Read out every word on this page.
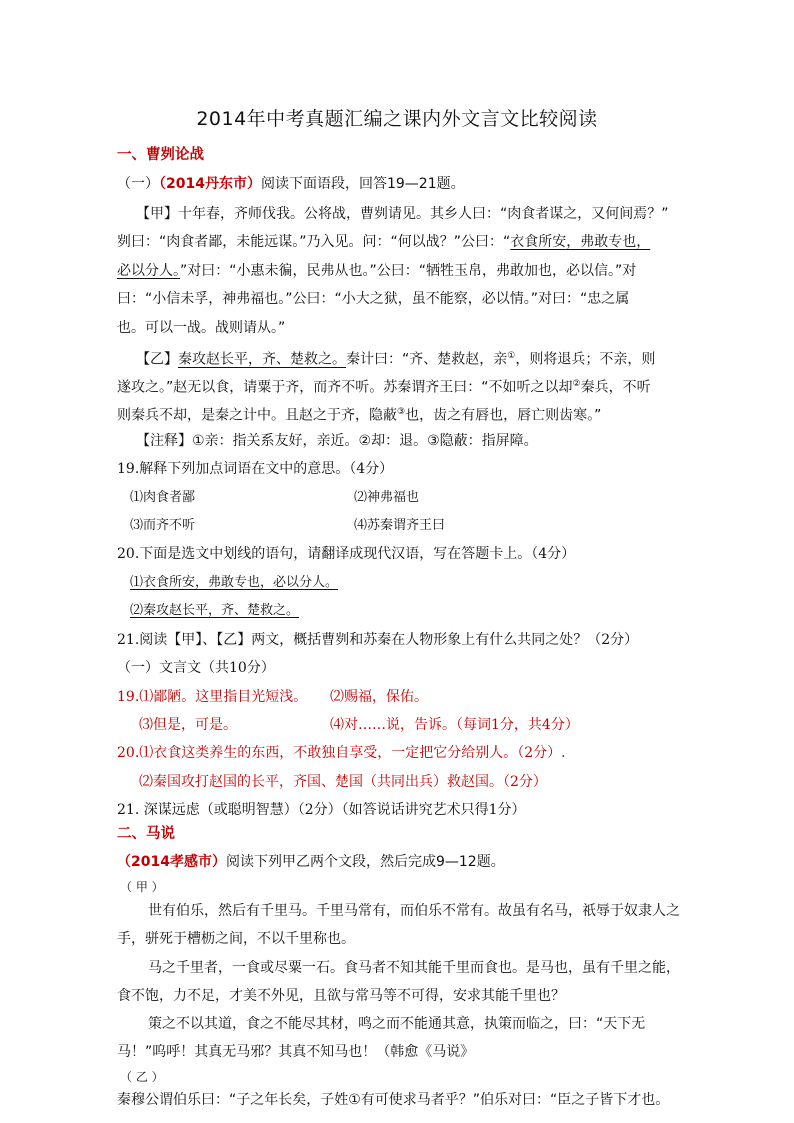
2014年中考真题汇编之课内外文言文比较阅读
一、曹刿论战
（一）（2014丹东市）阅读下面语段，回答19—21题。
【甲】十年春，齐师伐我。公将战，曹刿请见。其乡人曰：“肉食者谋之，又何间焉？”
刿曰：“肉食者鄙，未能远谋。”乃入见。问：“何以战？”公曰：“衣食所安，弗敢专也，
必以分人。”对曰：“小惠未徧，民弗从也。”公曰：“牺牲玉帛，弗敢加也，必以信。”对
曰：“小信未孚，神弗福也。”公曰：“小大之狱，虽不能察，必以情。”对曰：“忠之属
也。可以一战。战则请从。”
【乙】秦攻赵长平，齐、楚救之。秦计曰：“齐、楚救赵，亲①，则将退兵；不亲，则
遂攻之。”赵无以食，请粟于齐，而齐不听。苏秦谓齐王曰：“不如听之以却②秦兵，不听
则秦兵不却，是秦之计中。且赵之于齐，隐蔽③也，齿之有唇也，唇亡则齿寒。”
【注释】①亲：指关系友好，亲近。②却：退。③隐蔽：指屏障。
19.解释下列加点词语在文中的意思。（4分）
⑴肉食者鄙	⑵神弗福也
⑶而齐不听	⑷苏秦谓齐王曰
20.下面是选文中划线的语句，请翻译成现代汉语，写在答题卡上。（4分）
⑴衣食所安，弗敢专也，必以分人。
⑵秦攻赵长平，齐、楚救之。
21.阅读【甲】、【乙】两文，概括曹刿和苏秦在人物形象上有什么共同之处？（2分）
（一）文言文（共10分）
19.⑴鄙陋。这里指目光短浅。 ⑵赐福，保佑。
⑶但是，可是。	⑷对……说，告诉。（每词1分，共4分）
20.⑴衣食这类养生的东西，不敢独自享受，一定把它分给别人。（2分）.
⑵秦国攻打赵国的长平，齐国、楚国（共同出兵）救赵国。（2分）
21. 深谋远虑（或聪明智慧）（2分）（如答说话讲究艺术只得1分）
二、马说
（2014孝感市）阅读下列甲乙两个文段，然后完成9—12题。
（ 甲 ）
世有伯乐，然后有千里马。千里马常有，而伯乐不常有。故虽有名马，祇辱于奴隶人之
手，骈死于槽枥之间，不以千里称也。
马之千里者，一食或尽粟一石。食马者不知其能千里而食也。是马也，虽有千里之能，
食不饱，力不足，才美不外见，且欲与常马等不可得，安求其能千里也？
策之不以其道，食之不能尽其材，鸣之而不能通其意，执策而临之，曰：“天下无
马！”呜呼！其真无马邪？其真不知马也！（韩愈《马说》
（ 乙 ）
秦穆公谓伯乐曰：“子之年长矣，子姓①有可使求马者乎？”伯乐对曰：“臣之子皆下才也。
